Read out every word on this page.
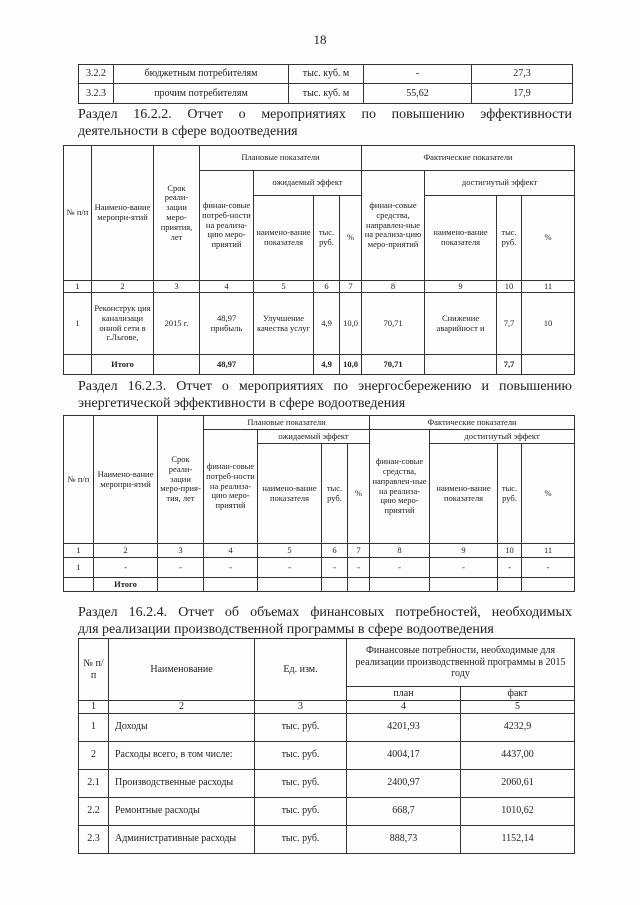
18
3.2.2	бюджетным потребителям	тыс. куб. м	-	27,3
3.2.3	прочим потребителям	тыс. куб. м	55,62	17,9
Раздел 16.2.2. Отчет о мероприятиях по повышению эффективности
деятельности в сфере водоотведения
№ п/п	Наимено-вание меропри-ятий	Срок реали-зации меро-приятия, лет	Плановые показатели				Фактические показатели			
			финан-совые потреб-ности на реализа-цию меро-приятий	ожидаемый эффект			финан-совые средства, направлен-ные на реализа-цию меро-приятий	достигнутый эффект		
				наимено-вание показателя	тыс. руб.	%		наимено-вание показателя	тыс. руб.	%
1	2	3	4	5	6	7	8	9	10	11
1	Реконструк ция канализаци онной сети в г.Льгове,	2015 г.	48,97 прибыль	Улучшение качества услуг	4,9	10,0	70,71	Снижение аварийност и	7,7	10
	Итого		48,97		4,9	10,0	70,71		7,7	
Раздел 16.2.3. Отчет о мероприятиях по энергосбережению и повышению
энергетической эффективности в сфере водоотведения
№ п/п	Наимено-вание меропри-ятий	Срок реали-зации меро-прия-тия, лет	Плановые показатели				Фактические показатели			
			финан-совые потреб-ности на реализа-цию меро-приятий	ожидаемый эффект			финан-совые средства, направлен-ные на реализа-цию меро-приятий	достигнутый эффект		
				наимено-вание показателя	тыс. руб.	%		наимено-вание показателя	тыс. руб.	%
1	2	3	4	5	6	7	8	9	10	11
1	-	-	-	-	-	-	-	-	-	-
	Итого									
Раздел 16.2.4. Отчет об объемах финансовых потребностей, необходимых
для реализации производственной программы в сфере водоотведения
№ п/п	Наименование	Ед. изм.	Финансовые потребности, необходимые для реализации производственной программы в 2015 году	
			план	факт
1	2	3	4	5
1	Доходы	тыс. руб.	4201,93	4232,9
2	Расходы всего, в том числе:	тыс. руб.	4004,17	4437,00
2.1	Производственные расходы	тыс. руб.	2400,97	2060,61
2.2	Ремонтные расходы	тыс. руб.	668,7	1010,62
2.3	Административные расходы	тыс. руб.	888,73	1152,14
